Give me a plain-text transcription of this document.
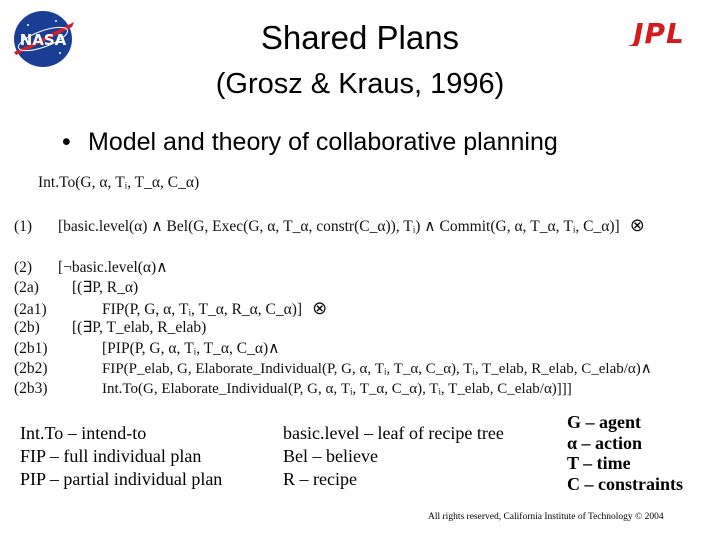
NASA	JPL
Shared Plans
(Grosz & Kraus, 1996)
• Model and theory of collaborative planning
Int.To(G, α, Tᵢ, T_α, C_α)
(1) [basic.level(α) ∧ Bel(G, Exec(G, α, T_α, constr(C_α)), Tᵢ) ∧ Commit(G, α, T_α, Tᵢ, C_α)] ⊗
(2) [¬basic.level(α)∧
(2a) [(∃P, R_α)
(2a1)	FIP(P, G, α, Tᵢ, T_α, R_α, C_α)] ⊗
(2b) [(∃P, T_elab, R_elab)
(2b1)	[PIP(P, G, α, Tᵢ, T_α, C_α)∧
(2b2)	FIP(P_elab, G, Elaborate_Individual(P, G, α, Tᵢ, T_α, C_α), Tᵢ, T_elab, R_elab, C_elab/α)∧
(2b3)	Int.To(G, Elaborate_Individual(P, G, α, Tᵢ, T_α, C_α), Tᵢ, T_elab, C_elab/α)]]]
Int.To – intend-to
FIP – full individual plan
PIP – partial individual plan
basic.level – leaf of recipe tree
Bel – believe
R – recipe
G – agent
α – action
T – time
C – constraints
All rights reserved, California Institute of Technology © 2004
